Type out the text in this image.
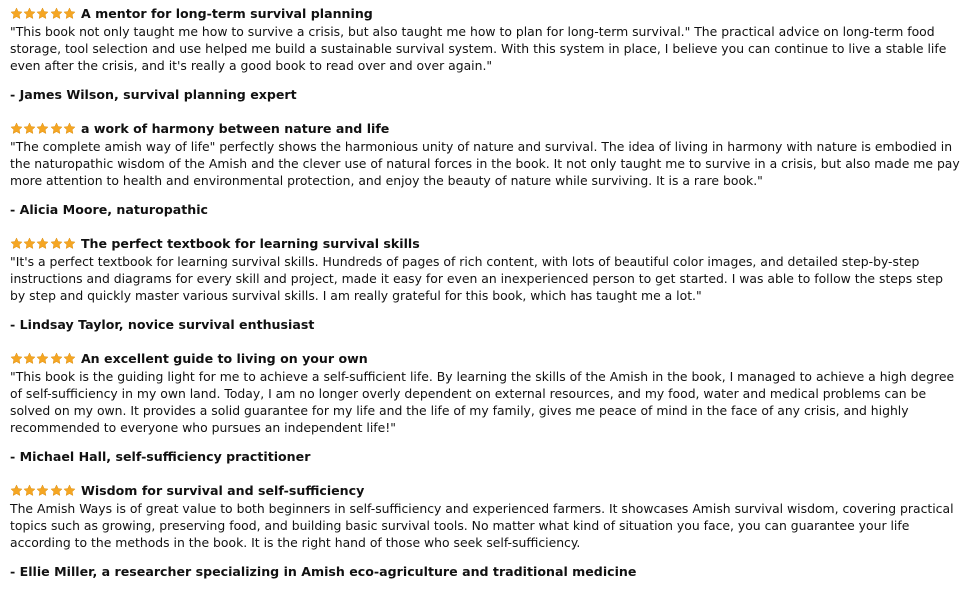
A mentor for long-term survival planning

"This book not only taught me how to survive a crisis, but also taught me how to plan for long-term survival." The practical advice on long-term food storage, tool selection and use helped me build a sustainable survival system. With this system in place, I believe you can continue to live a stable life even after the crisis, and it's really a good book to read over and over again."

- James Wilson, survival planning expert
a work of harmony between nature and life

"The complete amish way of life" perfectly shows the harmonious unity of nature and survival. The idea of living in harmony with nature is embodied in the naturopathic wisdom of the Amish and the clever use of natural forces in the book. It not only taught me to survive in a crisis, but also made me pay more attention to health and environmental protection, and enjoy the beauty of nature while surviving. It is a rare book."

- Alicia Moore, naturopathic
The perfect textbook for learning survival skills

"It's a perfect textbook for learning survival skills. Hundreds of pages of rich content, with lots of beautiful color images, and detailed step-by-step instructions and diagrams for every skill and project, made it easy for even an inexperienced person to get started. I was able to follow the steps step by step and quickly master various survival skills. I am really grateful for this book, which has taught me a lot."

- Lindsay Taylor, novice survival enthusiast
An excellent guide to living on your own

"This book is the guiding light for me to achieve a self-sufficient life. By learning the skills of the Amish in the book, I managed to achieve a high degree of self-sufficiency in my own land. Today, I am no longer overly dependent on external resources, and my food, water and medical problems can be solved on my own. It provides a solid guarantee for my life and the life of my family, gives me peace of mind in the face of any crisis, and highly recommended to everyone who pursues an independent life!"

- Michael Hall, self-sufficiency practitioner
Wisdom for survival and self-sufficiency

The Amish Ways is of great value to both beginners in self-sufficiency and experienced farmers. It showcases Amish survival wisdom, covering practical topics such as growing, preserving food, and building basic survival tools. No matter what kind of situation you face, you can guarantee your life according to the methods in the book. It is the right hand of those who seek self-sufficiency.

- Ellie Miller, a researcher specializing in Amish eco-agriculture and traditional medicine
